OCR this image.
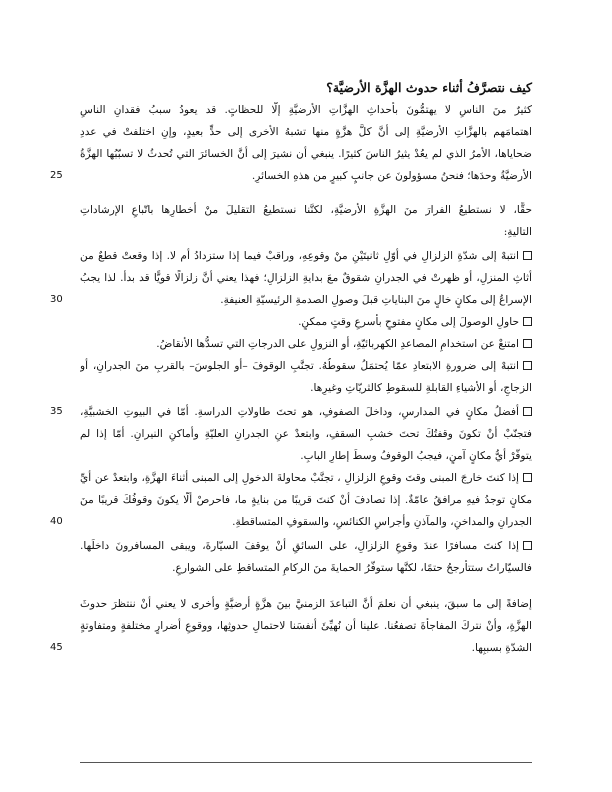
كيف نتصرَّفُ أثناء حدوث الهزَّة الأرضيَّة؟
كثيرٌ منَ الناسِ لا يهتمُّونَ بأحداثِ الهزَّاتِ الأرضيَّةِ إلّا للحظاتٍ. قد يعودُ سببُ فقدانِ الناسِ
اهتمامَهم بالهزَّاتِ الأرضيَّةِ إلى أنَّ كلَّ هزَّةٍ منها تشبهُ الأخرى إلى حدٍّ بعيدٍ، وإنِ اختلفتْ في عددِ
ضحاياها، الأمرُ الذي لم يعُدْ يثيرُ الناسَ كثيرًا. ينبغي أن نشيرَ إلى أنَّ الخسائرَ التي تُحدثُ لا تسبّبُها الهزَّةُ
الأرضيَّةُ وحدَها؛ فنحنُ مسؤولونَ عن جانبٍ كبيرٍ من هذهِ الخسائرِ.
25
حقًّا، لا نستطيعُ الفرارَ منَ الهزَّةِ الأرضيَّةِ، لكنَّنا نستطيعُ التقليلَ منْ أخطارِها باتّباعِ الإرشاداتِ
التاليةِ:
انتبهْ إلى شدّةِ الزلزالِ في أوّلِ ثانيتَيْنِ منْ وقوعِهِ، وراقبْ فيما إذا ستزدادُ أم لا. إذا وقعتْ قطعٌ من
أثاثِ المنزلِ، أو ظهرتْ في الجدرانِ شقوقٌ معَ بدايةِ الزلزالِ؛ فهذا يعني أنَّ زلزالًا قويًّا قد بدأ. لذا يجبُ
الإسراعُ إلى مكانٍ خالٍ منَ البناياتِ قبلَ وصولِ الصدمةِ الرئيسيّةِ العنيفةِ.
30
حاولِ الوصولَ إلى مكانٍ مفتوحٍ بأسرعِ وقتٍ ممكنٍ.
امتنعْ عن استخدامِ المصاعدِ الكهربائيّةِ، أو النزولِ على الدرجاتِ التي تسدُّها الأنقاضُ.
انتبهْ إلى ضرورةِ الابتعادِ عمّا يُحتمَلُ سقوطُهُ. تجنَّبِ الوقوفَ –أو الجلوسَ– بالقربِ منَ الجدرانِ، أو
الزجاجِ، أو الأشياءِ القابلةِ للسقوطِ كالثريّاتِ وغيرِها.
أفضلُ مكانٍ في المدارسِ، وداخلَ الصفوفِ، هو تحتَ طاولاتِ الدراسةِ. أمّا في البيوتِ الخشبيَّةِ،
35
فتجنّبْ أنْ تكونَ وقفتُكَ تحتَ خشبِ السقفِ، وابتعدْ عنِ الجدرانِ العليّةِ وأماكنِ النيرانِ. أمّا إذا لم
يتوفّرْ أيُّ مكانٍ آمنٍ، فيجبُ الوقوفُ وسطَ إطارِ البابِ.
إذا كنتَ خارجَ المبنى وقتَ وقوعِ الزلزالِ ، تجنَّبْ محاولةَ الدخولِ إلى المبنى أثناءَ الهزَّةِ، وابتعدْ عن أيِّ
مكانٍ توجدُ فيهِ مرافقُ عامّةٌ. إذا تصادفَ أنْ كنتَ قريبًا من بنايةٍ ما، فاحرصْ ألّا يكونَ وقوفُكَ قريبًا منَ
الجدرانِ والمداخنِ، والمآذنِ وأجراسِ الكنائسِ، والسقوفِ المتساقطةِ.
40
إذا كنتَ مسافرًا عندَ وقوعِ الزلزالِ، على السائقِ أنْ يوقفَ السيّارةَ، ويبقى المسافرونَ داخلَها.
فالسيّاراتُ ستتأرجحُ حتمًا، لكنَّها ستوفّرُ الحمايةَ منَ الركامِ المتساقطِ على الشوارعِ.
إضافةً إلى ما سبقَ، ينبغي أن نعلمَ أنَّ التباعدَ الزمنيَّ بينَ هزَّةٍ أرضيَّةٍ وأخرى لا يعني أنْ ننتظرَ حدوثَ
الهزَّةِ، وأنْ نتركَ المفاجأةَ تصفعُنا. علينا أن نُهيِّئَ أنفسَنا لاحتمالِ حدوثِها، ووقوعِ أضرارٍ مختلفةٍ ومتفاوتةٍ
الشدّةِ بسببِها.
45
